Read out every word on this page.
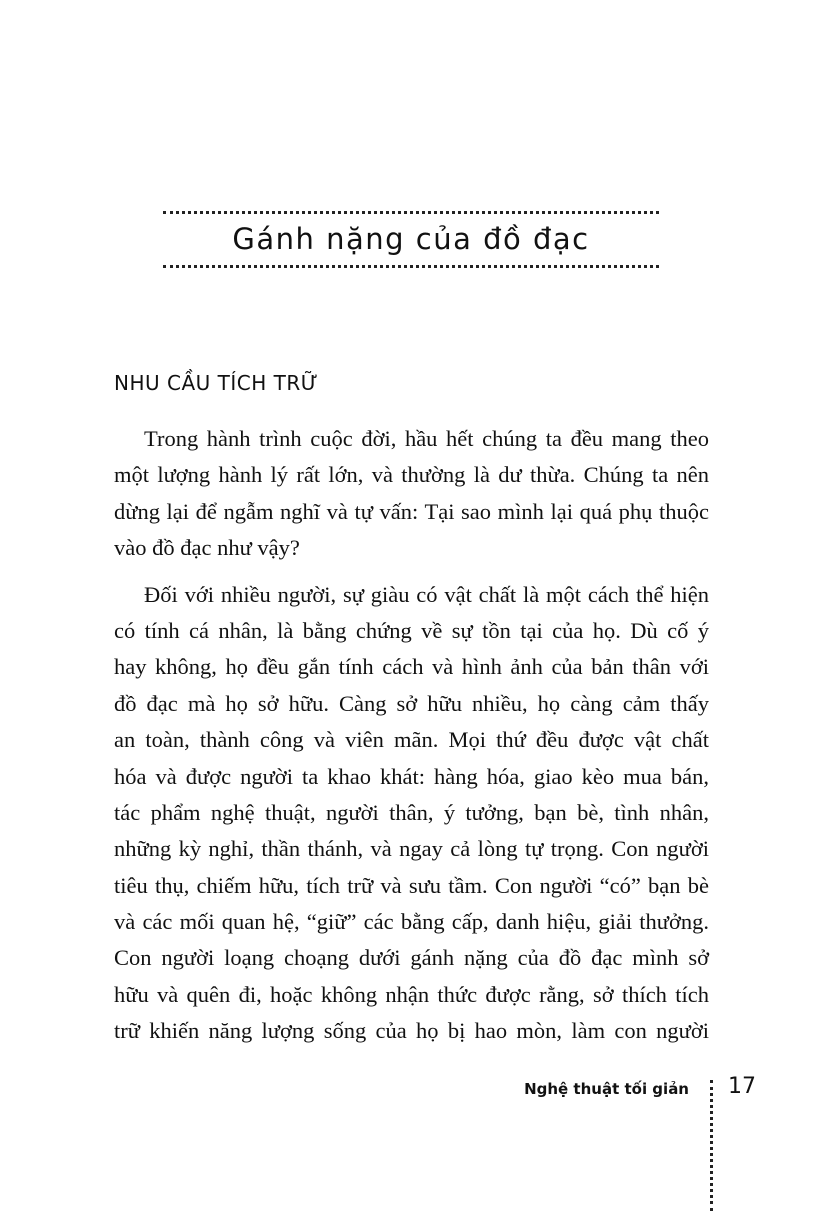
Gánh nặng của đồ đạc
NHU CẦU TÍCH TRỮ
Trong hành trình cuộc đời, hầu hết chúng ta đều mang theo
một lượng hành lý rất lớn, và thường là dư thừa. Chúng ta nên
dừng lại để ngẫm nghĩ và tự vấn: Tại sao mình lại quá phụ thuộc
vào đồ đạc như vậy?
Đối với nhiều người, sự giàu có vật chất là một cách thể hiện
có tính cá nhân, là bằng chứng về sự tồn tại của họ. Dù cố ý
hay không, họ đều gắn tính cách và hình ảnh của bản thân với
đồ đạc mà họ sở hữu. Càng sở hữu nhiều, họ càng cảm thấy
an toàn, thành công và viên mãn. Mọi thứ đều được vật chất
hóa và được người ta khao khát: hàng hóa, giao kèo mua bán,
tác phẩm nghệ thuật, người thân, ý tưởng, bạn bè, tình nhân,
những kỳ nghỉ, thần thánh, và ngay cả lòng tự trọng. Con người
tiêu thụ, chiếm hữu, tích trữ và sưu tầm. Con người “có” bạn bè
và các mối quan hệ, “giữ” các bằng cấp, danh hiệu, giải thưởng.
Con người loạng choạng dưới gánh nặng của đồ đạc mình sở
hữu và quên đi, hoặc không nhận thức được rằng, sở thích tích
trữ khiến năng lượng sống của họ bị hao mòn, làm con người
Nghệ thuật tối giản 17
